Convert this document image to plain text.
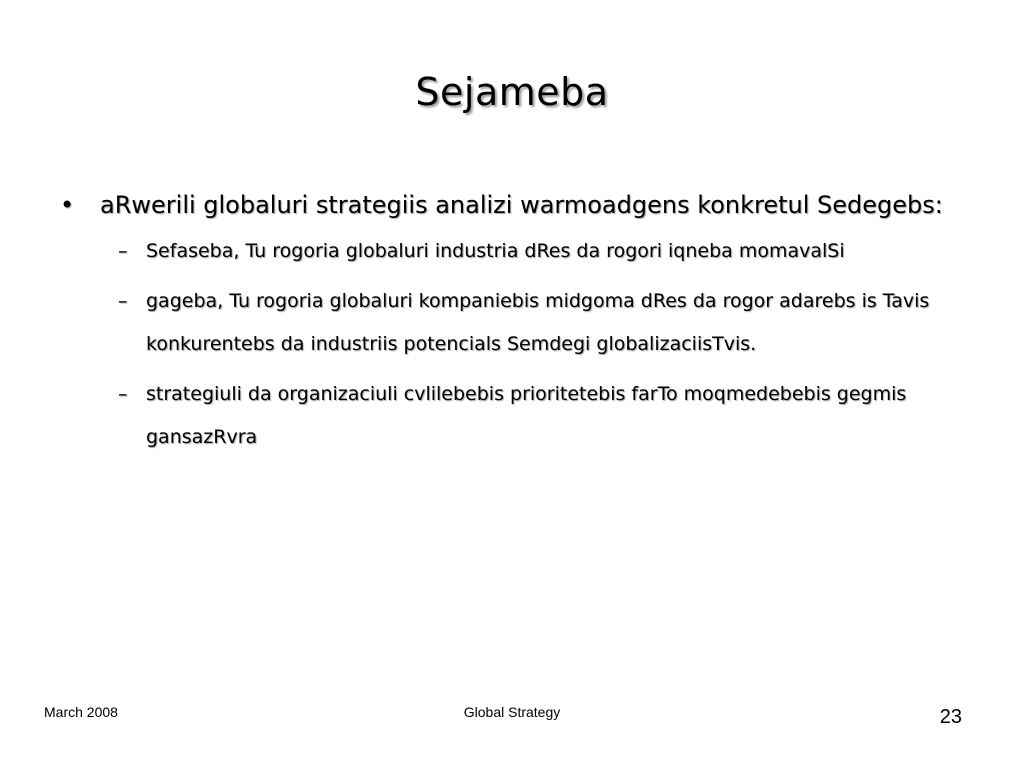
Sejameba
•	aRwerili globaluri strategiis analizi warmoadgens konkretul Sedegebs:
– Sefaseba, Tu rogoria globaluri industria dRes da rogori iqneba momavalSi
– gageba, Tu rogoria globaluri kompaniebis midgoma dRes da rogor adarebs is Tavis konkurentebs da industriis potencials Semdegi globalizaciisTvis.
– strategiuli da organizaciuli cvlilebebis prioritetebis farTo moqmedebebis gegmis gansazRvra
March 2008	Global Strategy	23
